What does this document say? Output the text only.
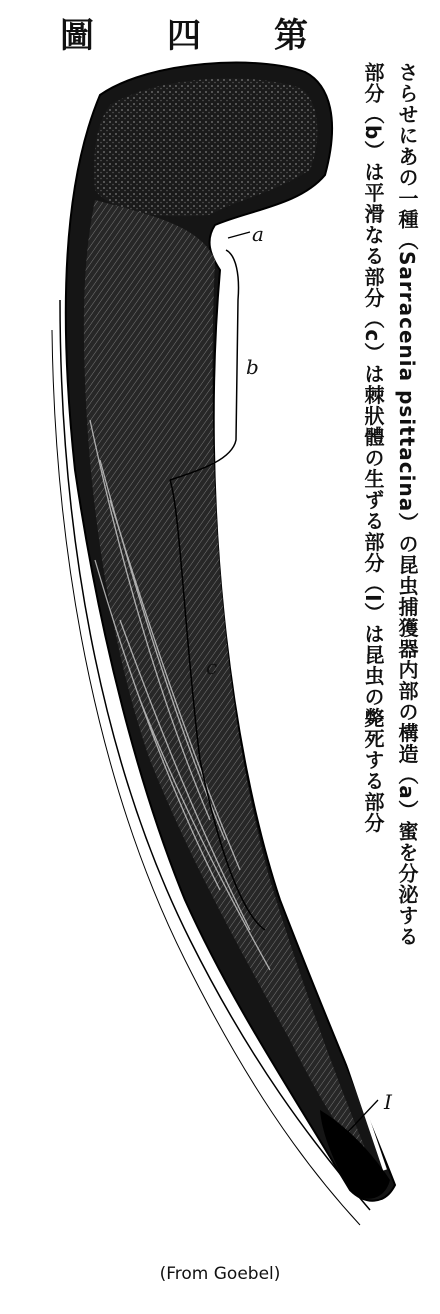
圖 四 第
さらせにあの一種（Sarracenia psittacina）の昆虫捕獲器内部の構造（a）蜜を分泌する
部分（b）は平滑なる部分（c）は棘狀體の生ずる部分（I）は昆虫の斃死する部分
a
b
c
I
(From Goebel)
